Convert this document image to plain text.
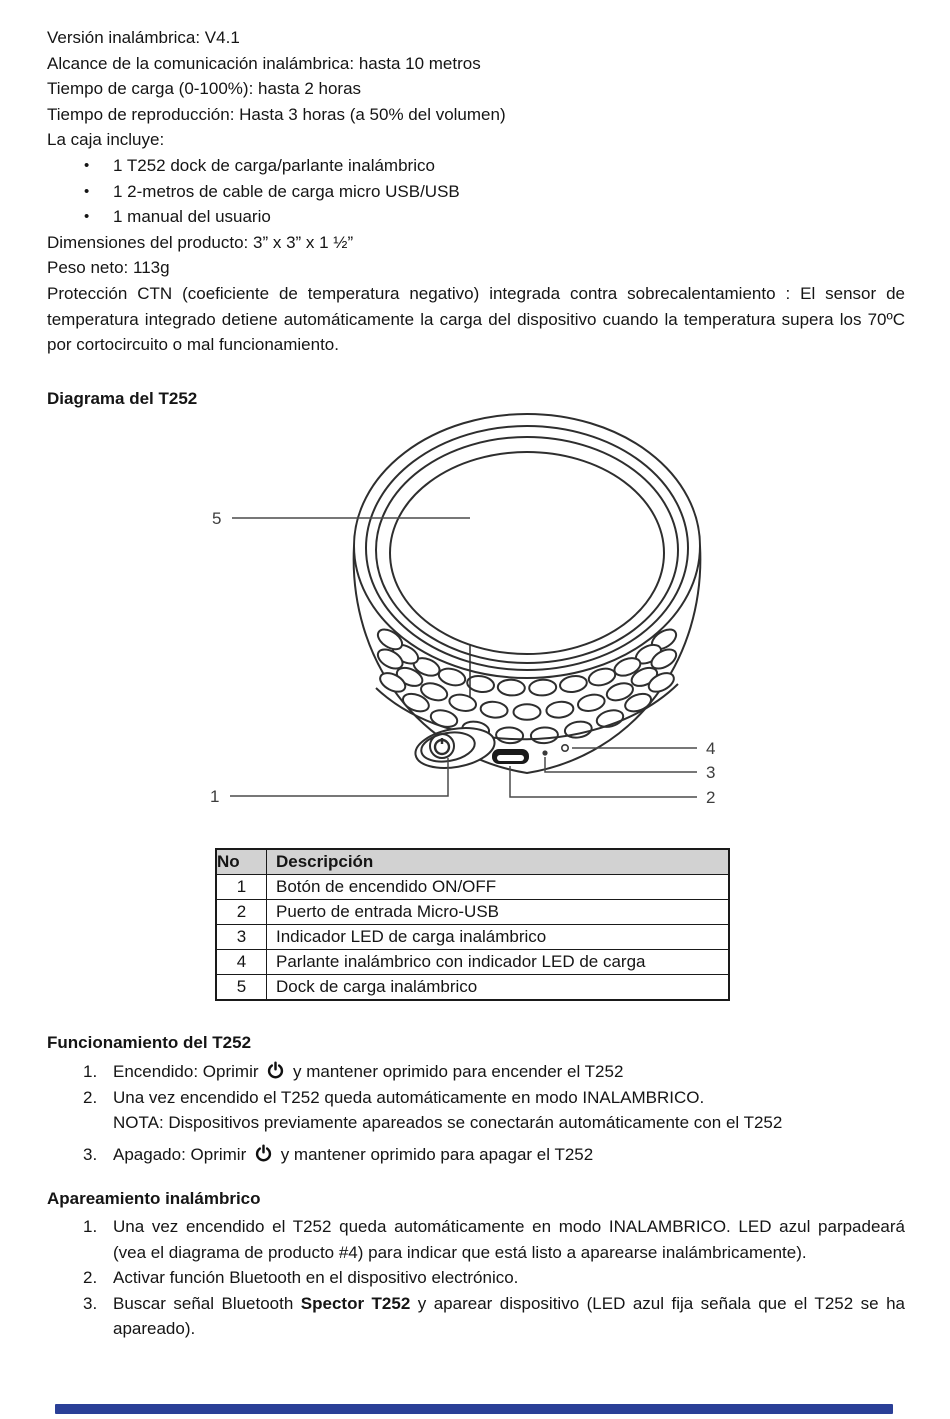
Versión inalámbrica: V4.1
Alcance de la comunicación inalámbrica: hasta 10 metros
Tiempo de carga (0-100%): hasta 2 horas
Tiempo de reproducción: Hasta 3 horas (a 50% del volumen)
La caja incluye:
• 1 T252 dock de carga/parlante inalámbrico
• 1 2-metros de cable de carga micro USB/USB
• 1 manual del usuario
Dimensiones del producto: 3” x 3” x 1 ½”
Peso neto: 113g
Protección CTN (coeficiente de temperatura negativo) integrada contra sobrecalentamiento : El sensor de temperatura integrado detiene automáticamente la carga del dispositivo cuando la temperatura supera los 70ºC por cortocircuito o mal funcionamiento.
Diagrama del T252
5
1	2
3
4
No	Descripción
1	Botón de encendido ON/OFF
2	Puerto de entrada Micro-USB
3	Indicador LED de carga inalámbrico
4	Parlante inalámbrico con indicador LED de carga
5	Dock de carga inalámbrico
Funcionamiento del T252
1. Encendido: Oprimir y mantener oprimido para encender el T252
2. Una vez encendido el T252 queda automáticamente en modo INALAMBRICO.
NOTA: Dispositivos previamente apareados se conectarán automáticamente con el T252
3. Apagado: Oprimir y mantener oprimido para apagar el T252
Apareamiento inalámbrico
1. Una vez encendido el T252 queda automáticamente en modo INALAMBRICO. LED azul parpadeará (vea el diagrama de producto #4) para indicar que está listo a aparearse inalámbricamente).
2. Activar función Bluetooth en el dispositivo electrónico.
3. Buscar señal Bluetooth Spector T252 y aparear dispositivo (LED azul fija señala que el T252 se ha apareado).
